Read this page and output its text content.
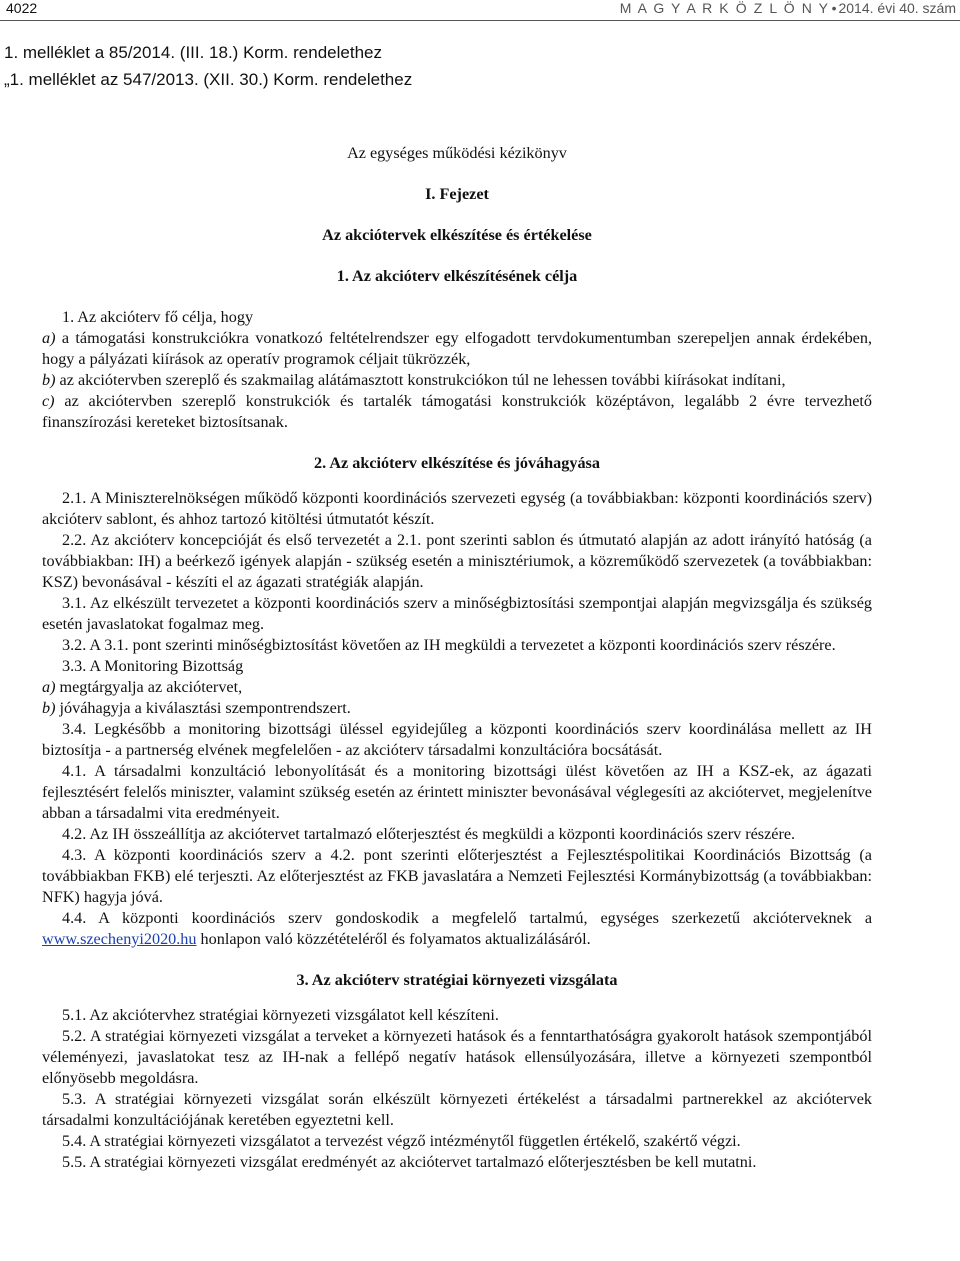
4022	M A G Y A R K Ö Z L Ö N Y • 2014. évi 40. szám
1. melléklet a 85/2014. (III. 18.) Korm. rendelethez
„1. melléklet az 547/2013. (XII. 30.) Korm. rendelethez
Az egységes működési kézikönyv
I. Fejezet
Az akciótervek elkészítése és értékelése
1. Az akcióterv elkészítésének célja

1. Az akcióterv fő célja, hogy

a) a támogatási konstrukciókra vonatkozó feltételrendszer egy elfogadott tervdokumentumban szerepeljen annak érdekében, hogy a pályázati kiírások az operatív programok céljait tükrözzék,

b) az akciótervben szereplő és szakmailag alátámasztott konstrukciókon túl ne lehessen további kiírásokat indítani,

c) az akciótervben szereplő konstrukciók és tartalék támogatási konstrukciók középtávon, legalább 2 évre tervezhető finanszírozási kereteket biztosítsanak.

2. Az akcióterv elkészítése és jóváhagyása

2.1. A Miniszterelnökségen működő központi koordinációs szervezeti egység (a továbbiakban: központi koordinációs szerv) akcióterv sablont, és ahhoz tartozó kitöltési útmutatót készít.

2.2. Az akcióterv koncepcióját és első tervezetét a 2.1. pont szerinti sablon és útmutató alapján az adott irányító hatóság (a továbbiakban: IH) a beérkező igények alapján - szükség esetén a minisztériumok, a közreműködő szervezetek (a továbbiakban: KSZ) bevonásával - készíti el az ágazati stratégiák alapján.

3.1. Az elkészült tervezetet a központi koordinációs szerv a minőségbiztosítási szempontjai alapján megvizsgálja és szükség esetén javaslatokat fogalmaz meg.

3.2. A 3.1. pont szerinti minőségbiztosítást követően az IH megküldi a tervezetet a központi koordinációs szerv részére.

3.3. A Monitoring Bizottság

a) megtárgyalja az akciótervet,

b) jóváhagyja a kiválasztási szempontrendszert.

3.4. Legkésőbb a monitoring bizottsági üléssel egyidejűleg a központi koordinációs szerv koordinálása mellett az IH biztosítja - a partnerség elvének megfelelően - az akcióterv társadalmi konzultációra bocsátását.

4.1. A társadalmi konzultáció lebonyolítását és a monitoring bizottsági ülést követően az IH a KSZ-ek, az ágazati fejlesztésért felelős miniszter, valamint szükség esetén az érintett miniszter bevonásával véglegesíti az akciótervet, megjelenítve abban a társadalmi vita eredményeit.

4.2. Az IH összeállítja az akciótervet tartalmazó előterjesztést és megküldi a központi koordinációs szerv részére.

4.3. A központi koordinációs szerv a 4.2. pont szerinti előterjesztést a Fejlesztéspolitikai Koordinációs Bizottság (a továbbiakban FKB) elé terjeszti. Az előterjesztést az FKB javaslatára a Nemzeti Fejlesztési Kormánybizottság (a továbbiakban: NFK) hagyja jóvá.

4.4. A központi koordinációs szerv gondoskodik a megfelelő tartalmú, egységes szerkezetű akcióterveknek a www.szechenyi2020.hu honlapon való közzétételéről és folyamatos aktualizálásáról.

3. Az akcióterv stratégiai környezeti vizsgálata

5.1. Az akciótervhez stratégiai környezeti vizsgálatot kell készíteni.

5.2. A stratégiai környezeti vizsgálat a terveket a környezeti hatások és a fenntarthatóságra gyakorolt hatások szempontjából véleményezi, javaslatokat tesz az IH-nak a fellépő negatív hatások ellensúlyozására, illetve a környezeti szempontból előnyösebb megoldásra.

5.3. A stratégiai környezeti vizsgálat során elkészült környezeti értékelést a társadalmi partnerekkel az akciótervek társadalmi konzultációjának keretében egyeztetni kell.

5.4. A stratégiai környezeti vizsgálatot a tervezést végző intézménytől független értékelő, szakértő végzi.

5.5. A stratégiai környezeti vizsgálat eredményét az akciótervet tartalmazó előterjesztésben be kell mutatni.
